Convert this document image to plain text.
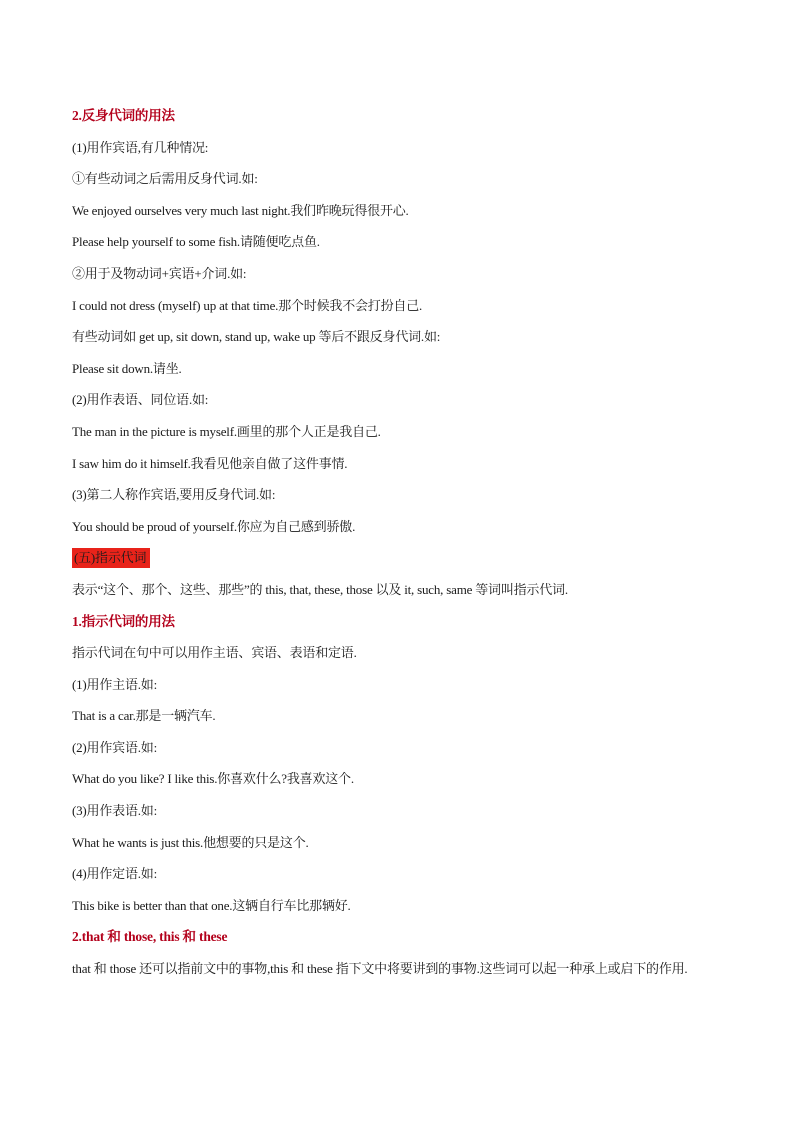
2.反身代词的用法
(1)用作宾语,有几种情况:
①有些动词之后需用反身代词.如:
We enjoyed ourselves very much last night.我们昨晚玩得很开心.
Please help yourself to some fish.请随便吃点鱼.
②用于及物动词+宾语+介词.如:
I could not dress (myself) up at that time.那个时候我不会打扮自己.
有些动词如 get up, sit down, stand up, wake up 等后不跟反身代词.如:
Please sit down.请坐.
(2)用作表语、同位语.如:
The man in the picture is myself.画里的那个人正是我自己.
I saw him do it himself.我看见他亲自做了这件事情.
(3)第二人称作宾语,要用反身代词.如:
You should be proud of yourself.你应为自己感到骄傲.
(五)指示代词
表示“这个、那个、这些、那些”的 this, that, these, those 以及 it, such, same 等词叫指示代词.
1.指示代词的用法
指示代词在句中可以用作主语、宾语、表语和定语.
(1)用作主语.如:
That is a car.那是一辆汽车.
(2)用作宾语.如:
What do you like? I like this.你喜欢什么?我喜欢这个.
(3)用作表语.如:
What he wants is just this.他想要的只是这个.
(4)用作定语.如:
This bike is better than that one.这辆自行车比那辆好.
2.that 和 those, this 和 these
that 和 those 还可以指前文中的事物,this 和 these 指下文中将要讲到的事物.这些词可以起一种承上或启下的作用.
